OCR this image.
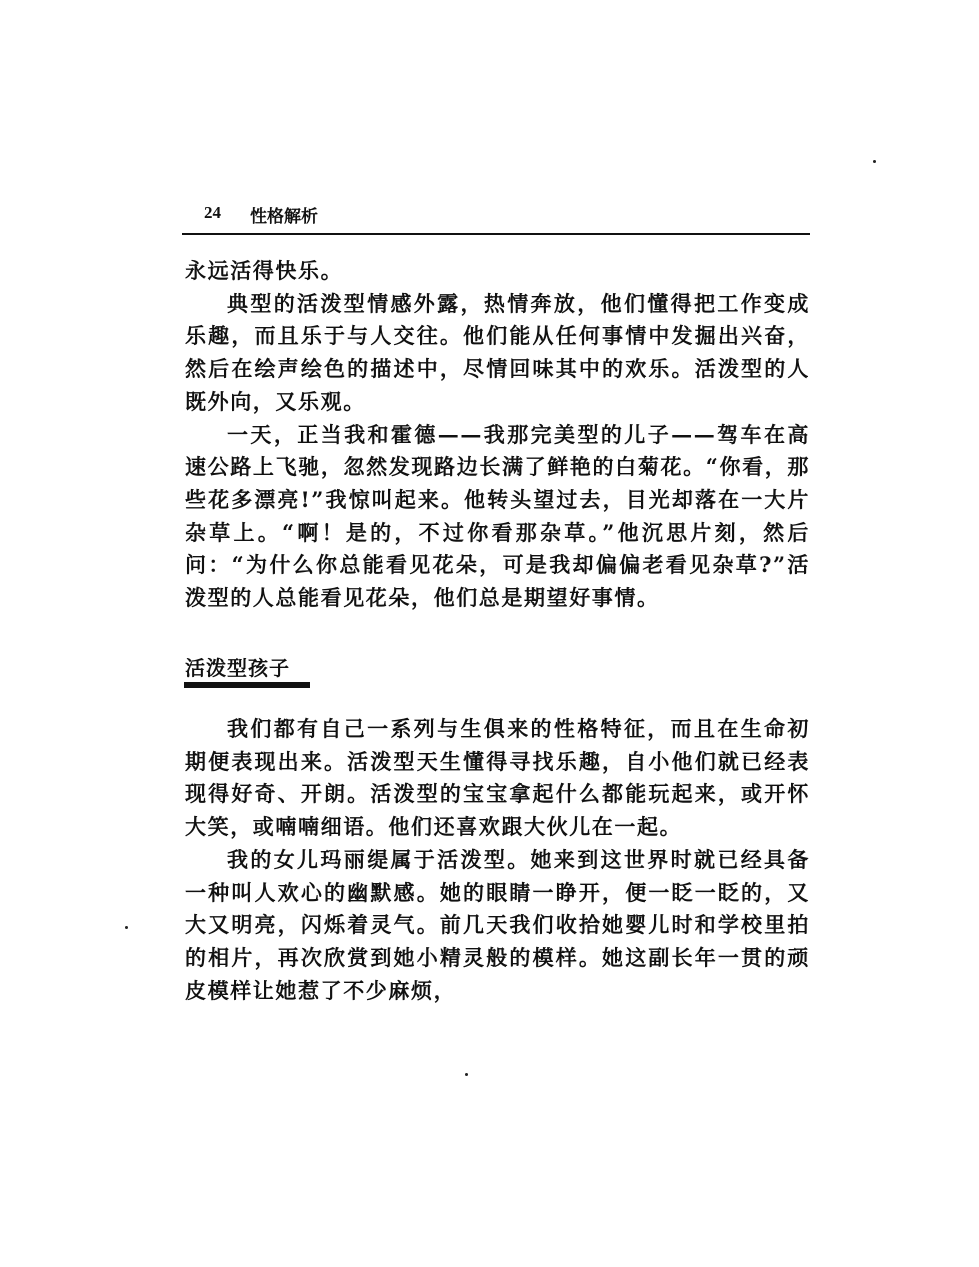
24 性格解析

永远活得快乐。

典型的活泼型情感外露，热情奔放，他们懂得把工作变成乐趣，而且乐于与人交往。他们能从任何事情中发掘出兴奋，然后在绘声绘色的描述中，尽情回味其中的欢乐。活泼型的人既外向，又乐观。

一天，正当我和霍德——我那完美型的儿子——驾车在高速公路上飞驰，忽然发现路边长满了鲜艳的白菊花。“你看，那些花多漂亮!”我惊叫起来。他转头望过去，目光却落在一大片杂草上。“啊！是的，不过你看那杂草。”他沉思片刻，然后问：“为什么你总能看见花朵，可是我却偏偏老看见杂草?”活泼型的人总能看见花朵，他们总是期望好事情。

活泼型孩子

我们都有自己一系列与生俱来的性格特征，而且在生命初期便表现出来。活泼型天生懂得寻找乐趣，自小他们就已经表现得好奇、开朗。活泼型的宝宝拿起什么都能玩起来，或开怀大笑，或喃喃细语。他们还喜欢跟大伙儿在一起。

我的女儿玛丽缇属于活泼型。她来到这世界时就已经具备一种叫人欢心的幽默感。她的眼睛一睁开，便一眨一眨的，又大又明亮，闪烁着灵气。前几天我们收拾她婴儿时和学校里拍的相片，再次欣赏到她小精灵般的模样。她这副长年一贯的顽皮模样让她惹了不少麻烦，
